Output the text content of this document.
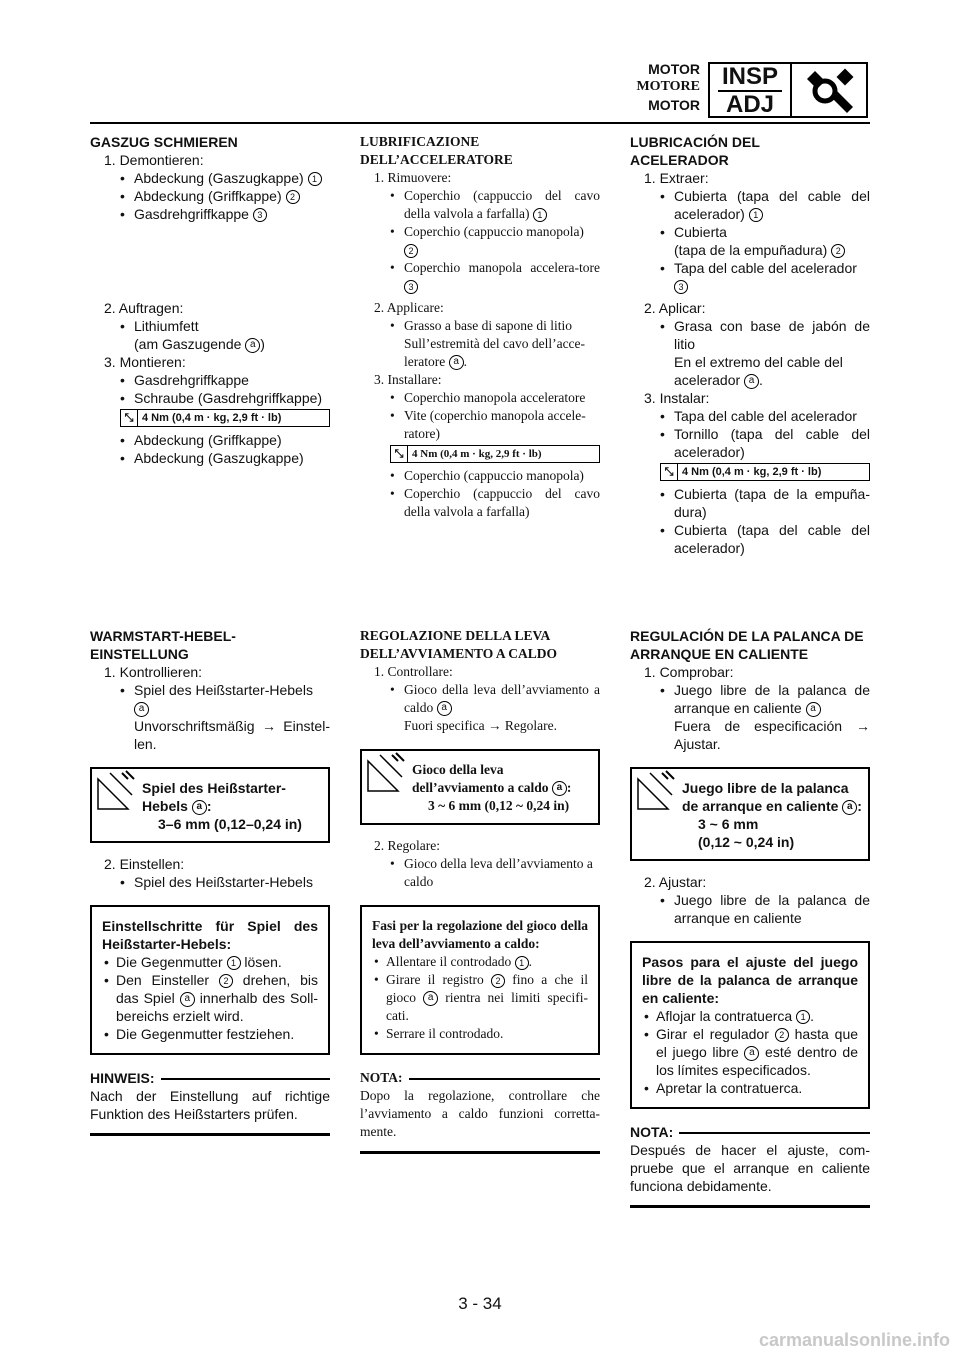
MOTOR
MOTORE
MOTOR
INSP
ADJ
GASZUG SCHMIEREN
1. Demontieren:
• Abdeckung (Gaszugkappe) 1
• Abdeckung (Griffkappe) 2
• Gasdrehgriffkappe 3
2. Auftragen:
• Lithiumfett
(am Gaszugende a )
3. Montieren:
• Gasdrehgriffkappe
• Schraube (Gasdrehgriffkappe)
⤡ 4 Nm (0,4 m · kg, 2,9 ft · lb)
• Abdeckung (Griffkappe)
• Abdeckung (Gaszugkappe)
WARMSTART-HEBEL-EINSTELLUNG
1. Kontrollieren:
• Spiel des Heißstarter-Hebels
a
Unvorschriftsmäßig → Einstel-len.
Spiel des Heißstarter-Hebels a :
3–6 mm (0,12–0,24 in)
2. Einstellen:
• Spiel des Heißstarter-Hebels
Einstellschritte für Spiel des Heißstarter-Hebels:
• Die Gegenmutter 1 lösen.
• Den Einsteller 2 drehen, bis das Spiel a innerhalb des Soll-bereichs erzielt wird.
• Die Gegenmutter festziehen.
HINWEIS:
Nach der Einstellung auf richtige Funktion des Heißstarters prüfen.
LUBRIFICAZIONE DELL’ACCELERATORE
1. Rimuovere:
• Coperchio (cappuccio del cavo della valvola a farfalla) 1
• Coperchio (cappuccio manopola)
2
• Coperchio manopola accelera-tore 3
2. Applicare:
• Grasso a base di sapone di litio Sull’estremità del cavo dell’acce-leratore a .
3. Installare:
• Coperchio manopola acceleratore
• Vite (coperchio manopola accele-ratore)
⤡ 4 Nm (0,4 m · kg, 2,9 ft · lb)
• Coperchio (cappuccio manopola)
• Coperchio (cappuccio del cavo della valvola a farfalla)
REGOLAZIONE DELLA LEVA DELL’AVVIAMENTO A CALDO
1. Controllare:
• Gioco della leva dell’avviamento a caldo a
Fuori specifica → Regolare.
Gioco della leva dell’avviamento a caldo a :
3 ~ 6 mm (0,12 ~ 0,24 in)
2. Regolare:
• Gioco della leva dell’avviamento a caldo
Fasi per la regolazione del gioco della leva dell’avviamento a caldo:
• Allentare il controdado 1 .
• Girare il registro 2 fino a che il gioco a rientra nei limiti specifi-cati.
• Serrare il controdado.
NOTA:
Dopo la regolazione, controllare che l’avviamento a caldo funzioni corretta-mente.
LUBRICACIÓN DEL ACELERADOR
1. Extraer:
• Cubierta (tapa del cable del acelerador) 1
• Cubierta
(tapa de la empuñadura) 2
• Tapa del cable del acelerador
3
2. Aplicar:
• Grasa con base de jabón de litio
En el extremo del cable del acelerador a .
3. Instalar:
• Tapa del cable del acelerador
• Tornillo (tapa del cable del acelerador)
⤡ 4 Nm (0,4 m · kg, 2,9 ft · lb)
• Cubierta (tapa de la empuña-dura)
• Cubierta (tapa del cable del acelerador)
REGULACIÓN DE LA PALANCA DE ARRANQUE EN CALIENTE
1. Comprobar:
• Juego libre de la palanca de arranque en caliente a
Fuera de especificación → Ajustar.
Juego libre de la palanca de arranque en caliente a :
3 ~ 6 mm
(0,12 ~ 0,24 in)
2. Ajustar:
• Juego libre de la palanca de arranque en caliente
Pasos para el ajuste del juego libre de la palanca de arranque en caliente:
• Aflojar la contratuerca 1 .
• Girar el regulador 2 hasta que el juego libre a esté dentro de los límites especificados.
• Apretar la contratuerca.
NOTA:
Después de hacer el ajuste, com-pruebe que el arranque en caliente funciona debidamente.
3 - 34
carmanualsonline.info
